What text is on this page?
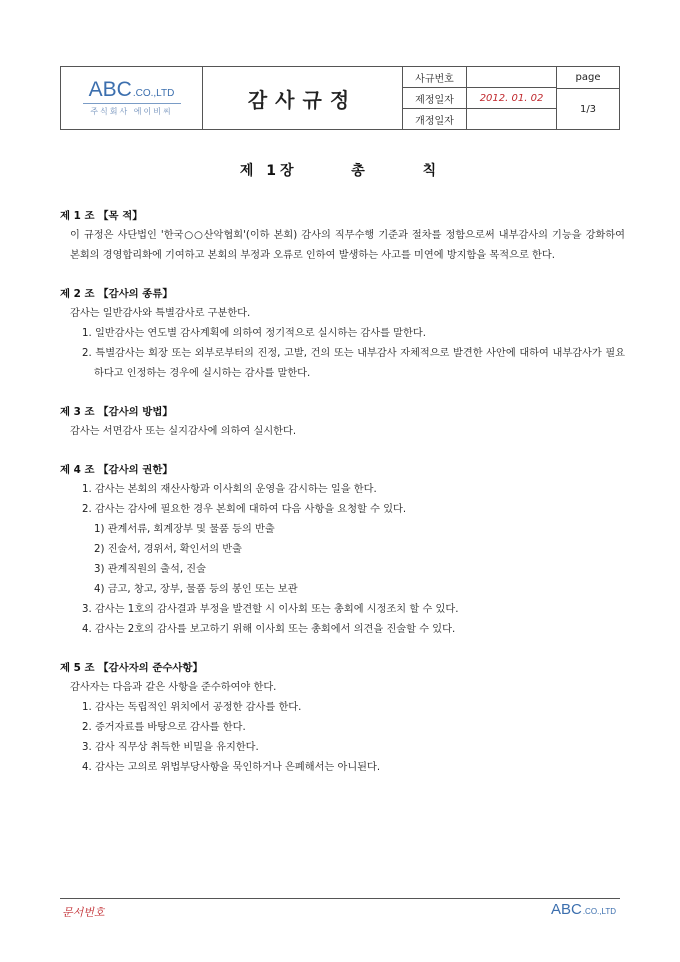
ABC .CO.,LTD
주식회사 에이비씨	감사규정
사규번호
제정일자	2012. 01. 02
개정일자
page
1/3
제 1장	총	칙
제 1 조 【목 적】
이 규정은 사단법인 '한국○○산악협회'(이하 본회) 감사의 직무수행 기준과 절차를 정함으로써 내부감사의 기능을 강화하여 본회의 경영합리화에 기여하고 본회의 부정과 오류로 인하여 발생하는 사고를 미연에 방지함을 목적으로 한다.
제 2 조 【감사의 종류】
감사는 일반감사와 특별감사로 구분한다.
1. 일반감사는 연도별 감사계획에 의하여 정기적으로 실시하는 감사를 말한다.
2. 특별감사는 회장 또는 외부로부터의 진정, 고발, 건의 또는 내부감사 자체적으로 발견한 사안에 대하여 내부감사가 필요하다고 인정하는 경우에 실시하는 감사를 말한다.
제 3 조 【감사의 방법】
감사는 서면감사 또는 실지감사에 의하여 실시한다.
제 4 조 【감사의 권한】
1. 감사는 본회의 재산사항과 이사회의 운영을 감시하는 일을 한다.
2. 감사는 감사에 필요한 경우 본회에 대하여 다음 사항을 요청할 수 있다.
1) 관계서류, 회계장부 및 물품 등의 반출
2) 진술서, 경위서, 확인서의 반출
3) 관계직원의 출석, 진술
4) 금고, 창고, 장부, 물품 등의 봉인 또는 보관
3. 감사는 1호의 감사결과 부정을 발견할 시 이사회 또는 총회에 시정조치 할 수 있다.
4. 감사는 2호의 감사를 보고하기 위해 이사회 또는 총회에서 의견을 진술할 수 있다.
제 5 조 【감사자의 준수사항】
감사자는 다음과 같은 사항을 준수하여야 한다.
1. 감사는 독립적인 위치에서 공정한 감사를 한다.
2. 증거자료를 바탕으로 감사를 한다.
3. 감사 직무상 취득한 비밀을 유지한다.
4. 감사는 고의로 위법부당사항을 묵인하거나 은폐해서는 아니된다.
문서번호	ABC .CO.,LTD
